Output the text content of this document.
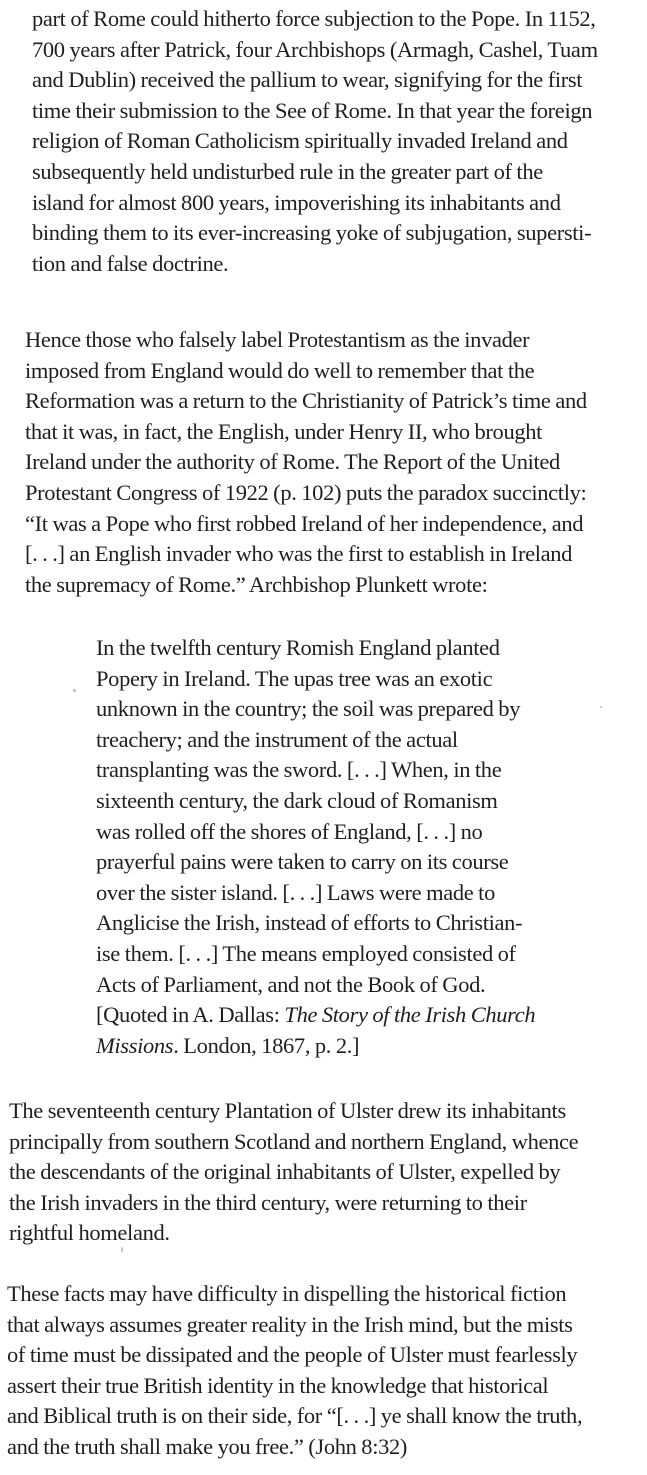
part of Rome could hitherto force subjection to the Pope. In 1152,
700 years after Patrick, four Archbishops (Armagh, Cashel, Tuam
and Dublin) received the pallium to wear, signifying for the first
time their submission to the See of Rome. In that year the foreign
religion of Roman Catholicism spiritually invaded Ireland and
subsequently held undisturbed rule in the greater part of the
island for almost 800 years, impoverishing its inhabitants and
binding them to its ever-increasing yoke of subjugation, supersti-
tion and false doctrine.

Hence those who falsely label Protestantism as the invader
imposed from England would do well to remember that the
Reformation was a return to the Christianity of Patrick’s time and
that it was, in fact, the English, under Henry II, who brought
Ireland under the authority of Rome. The Report of the United
Protestant Congress of 1922 (p. 102) puts the paradox succinctly:
“It was a Pope who first robbed Ireland of her independence, and
[. . .] an English invader who was the first to establish in Ireland
the supremacy of Rome.” Archbishop Plunkett wrote:

In the twelfth century Romish England planted
Popery in Ireland. The upas tree was an exotic
unknown in the country; the soil was prepared by
treachery; and the instrument of the actual
transplanting was the sword. [. . .] When, in the
sixteenth century, the dark cloud of Romanism
was rolled off the shores of England, [. . .] no
prayerful pains were taken to carry on its course
over the sister island. [. . .] Laws were made to
Anglicise the Irish, instead of efforts to Christian-
ise them. [. . .] The means employed consisted of
Acts of Parliament, and not the Book of God.
[Quoted in A. Dallas: The Story of the Irish Church
Missions. London, 1867, p. 2.]

The seventeenth century Plantation of Ulster drew its inhabitants
principally from southern Scotland and northern England, whence
the descendants of the original inhabitants of Ulster, expelled by
the Irish invaders in the third century, were returning to their
rightful homeland.

These facts may have difficulty in dispelling the historical fiction
that always assumes greater reality in the Irish mind, but the mists
of time must be dissipated and the people of Ulster must fearlessly
assert their true British identity in the knowledge that historical
and Biblical truth is on their side, for “[. . .] ye shall know the truth,
and the truth shall make you free.” (John 8:32)
